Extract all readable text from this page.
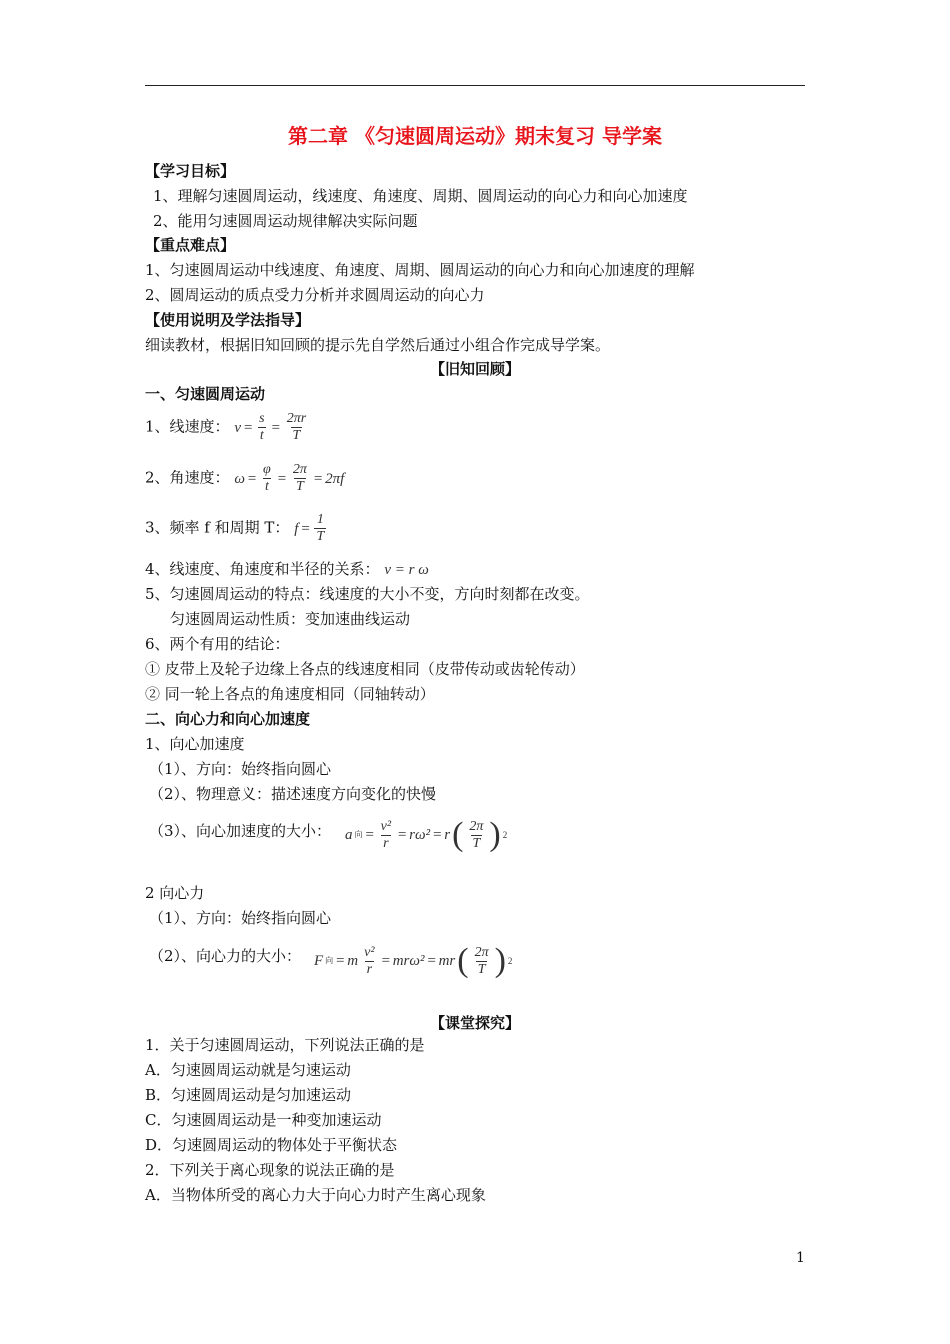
第二章 《匀速圆周运动》期末复习 导学案
【学习目标】
1、理解匀速圆周运动，线速度、角速度、周期、圆周运动的向心力和向心加速度
2、能用匀速圆周运动规律解决实际问题
【重点难点】
1、匀速圆周运动中线速度、角速度、周期、圆周运动的向心力和向心加速度的理解
2、圆周运动的质点受力分析并求圆周运动的向心力
【使用说明及学法指导】
细读教材，根据旧知回顾的提示先自学然后通过小组合作完成导学案。
【旧知回顾】
一、匀速圆周运动
1、线速度： $v = \frac{s}{t} = \frac{2\pi r}{T}$
2、角速度： $\omega = \frac{\varphi}{t} = \frac{2\pi}{T} = 2\pi f$
3、频率 f 和周期 T： $f = \frac{1}{T}$
4、线速度、角速度和半径的关系： v = r ω
5、匀速圆周运动的特点：线速度的大小不变，方向时刻都在改变。
匀速圆周运动性质：变加速曲线运动
6、两个有用的结论：
① 皮带上及轮子边缘上各点的线速度相同（皮带传动或齿轮传动）
② 同一轮上各点的角速度相同（同轴转动）
二、向心力和向心加速度
1、向心加速度
（1）、方向：始终指向圆心
（2）、物理意义：描述速度方向变化的快慢
（3）、向心加速度的大小： a 向 = $\frac{\text{v²}}{r} = r\omega^2 = r$ ( $\frac{2\pi}{T}$ ) 2
2 向心力
（1）、方向：始终指向圆心
（2）、向心力的大小： F 向 = m $\frac{\text{v²}}{r} = mr\omega^2$ = mr ( $\frac{2\pi}{T}$ ) 2
【课堂探究】
1．关于匀速圆周运动，下列说法正确的是
A．匀速圆周运动就是匀速运动
B．匀速圆周运动是匀加速运动
C．匀速圆周运动是一种变加速运动
D．匀速圆周运动的物体处于平衡状态
2．下列关于离心现象的说法正确的是
A．当物体所受的离心力大于向心力时产生离心现象
1
